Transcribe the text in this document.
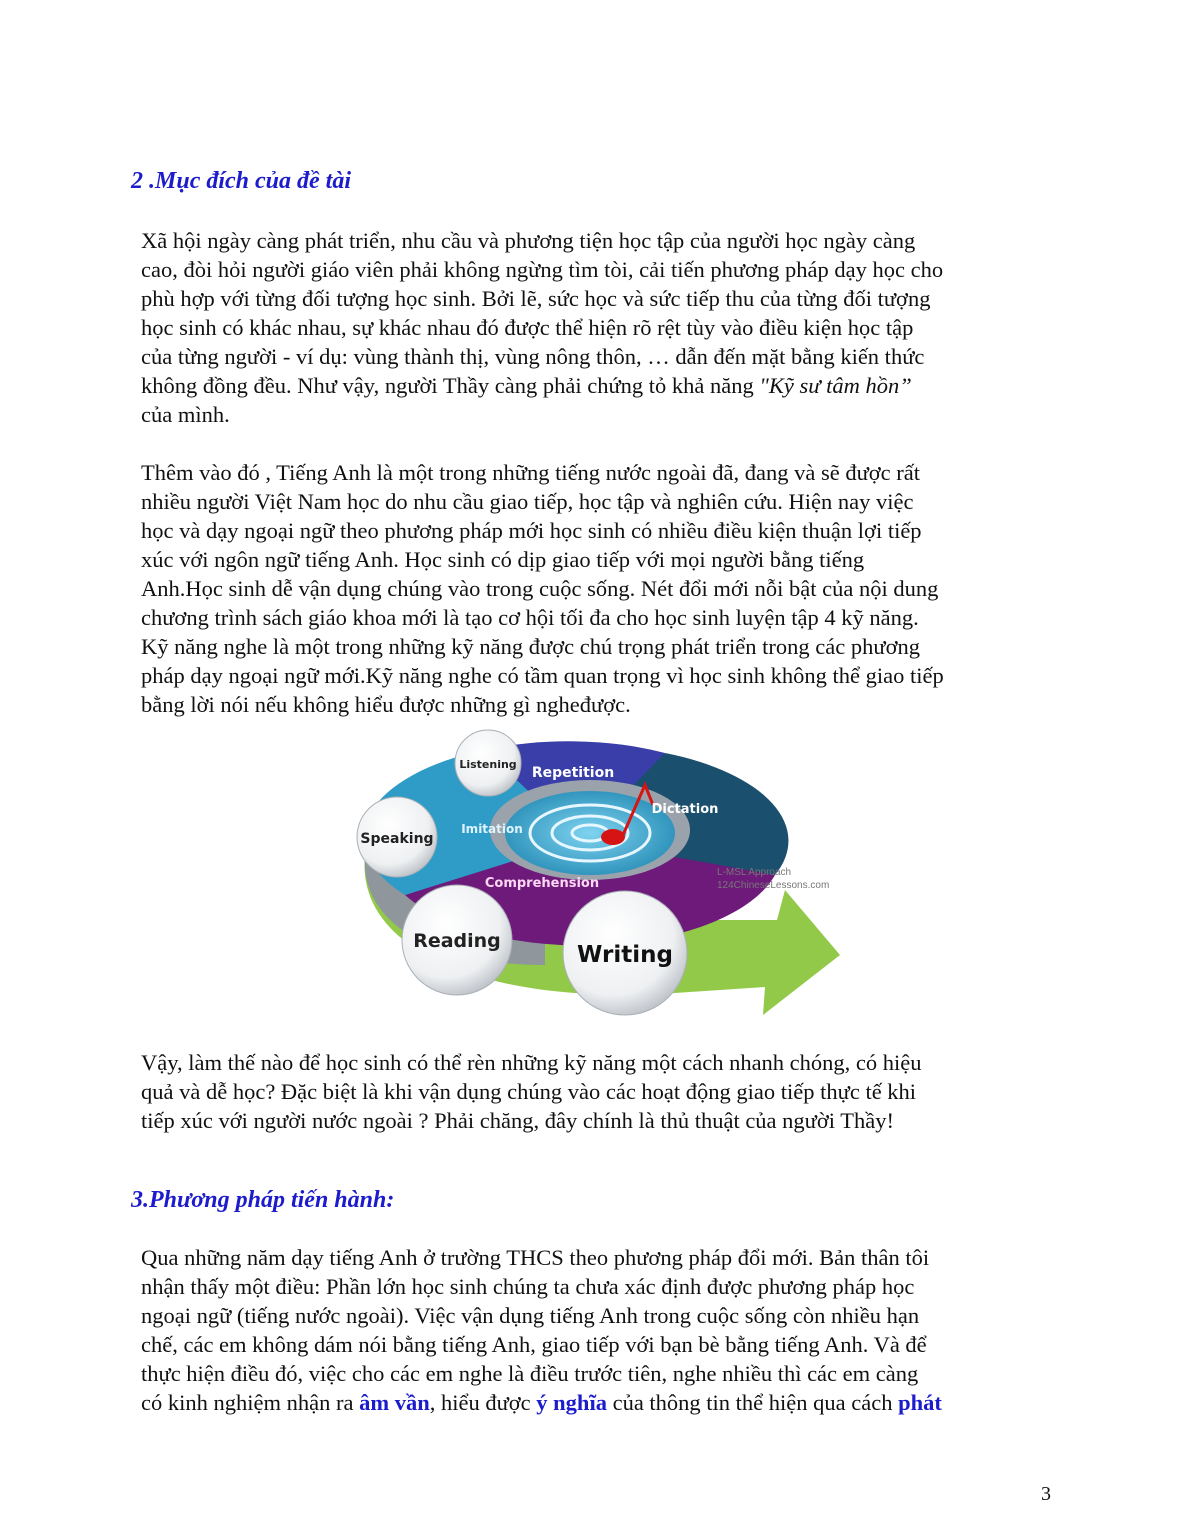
2 .Mục đích của đề tài

Xã hội ngày càng phát triển, nhu cầu và phương tiện học tập của người học ngày càng
cao, đòi hỏi người giáo viên phải không ngừng tìm tòi, cải tiến phương pháp dạy học cho
phù hợp với từng đối tượng học sinh. Bởi lẽ, sức học và sức tiếp thu của từng đối tượng
học sinh có khác nhau, sự khác nhau đó được thể hiện rõ rệt tùy vào điều kiện học tập
của từng người - ví dụ: vùng thành thị, vùng nông thôn, … dẫn đến mặt bằng kiến thức
không đồng đều. Như vậy, người Thầy càng phải chứng tỏ khả năng "Kỹ sư tâm hồn”
của mình.

Thêm vào đó , Tiếng Anh là một trong những tiếng nước ngoài đã, đang và sẽ được rất
nhiều người Việt Nam học do nhu cầu giao tiếp, học tập và nghiên cứu. Hiện nay việc
học và dạy ngoại ngữ theo phương pháp mới học sinh có nhiều điều kiện thuận lợi tiếp
xúc với ngôn ngữ tiếng Anh. Học sinh có dịp giao tiếp với mọi người bằng tiếng
Anh.Học sinh dễ vận dụng chúng vào trong cuộc sống. Nét đổi mới nỗi bật của nội dung
chương trình sách giáo khoa mới là tạo cơ hội tối đa cho học sinh luyện tập 4 kỹ năng.
Kỹ năng nghe là một trong những kỹ năng được chú trọng phát triển trong các phương
pháp dạy ngoại ngữ mới.Kỹ năng nghe có tầm quan trọng vì học sinh không thể giao tiếp
bằng lời nói nếu không hiểu được những gì ngheđược.

Repetition
Dictation
Imitation
Comprehension
Listening
Speaking
Reading
Writing
L-MSL Approach
124ChineseLessons.com

Vậy, làm thế nào để học sinh có thể rèn những kỹ năng một cách nhanh chóng, có hiệu
quả và dễ học? Đặc biệt là khi vận dụng chúng vào các hoạt động giao tiếp thực tế khi
tiếp xúc với người nước ngoài ? Phải chăng, đây chính là thủ thuật của người Thầy!

3.Phương pháp tiến hành:

Qua những năm dạy tiếng Anh ở trường THCS theo phương pháp đổi mới. Bản thân tôi
nhận thấy một điều: Phần lớn học sinh chúng ta chưa xác định được phương pháp học
ngoại ngữ (tiếng nước ngoài). Việc vận dụng tiếng Anh trong cuộc sống còn nhiều hạn
chế, các em không dám nói bằng tiếng Anh, giao tiếp với bạn bè bằng tiếng Anh. Và để
thực hiện điều đó, việc cho các em nghe là điều trước tiên, nghe nhiều thì các em càng
có kinh nghiệm nhận ra âm vần, hiểu được ý nghĩa của thông tin thể hiện qua cách phát

3
